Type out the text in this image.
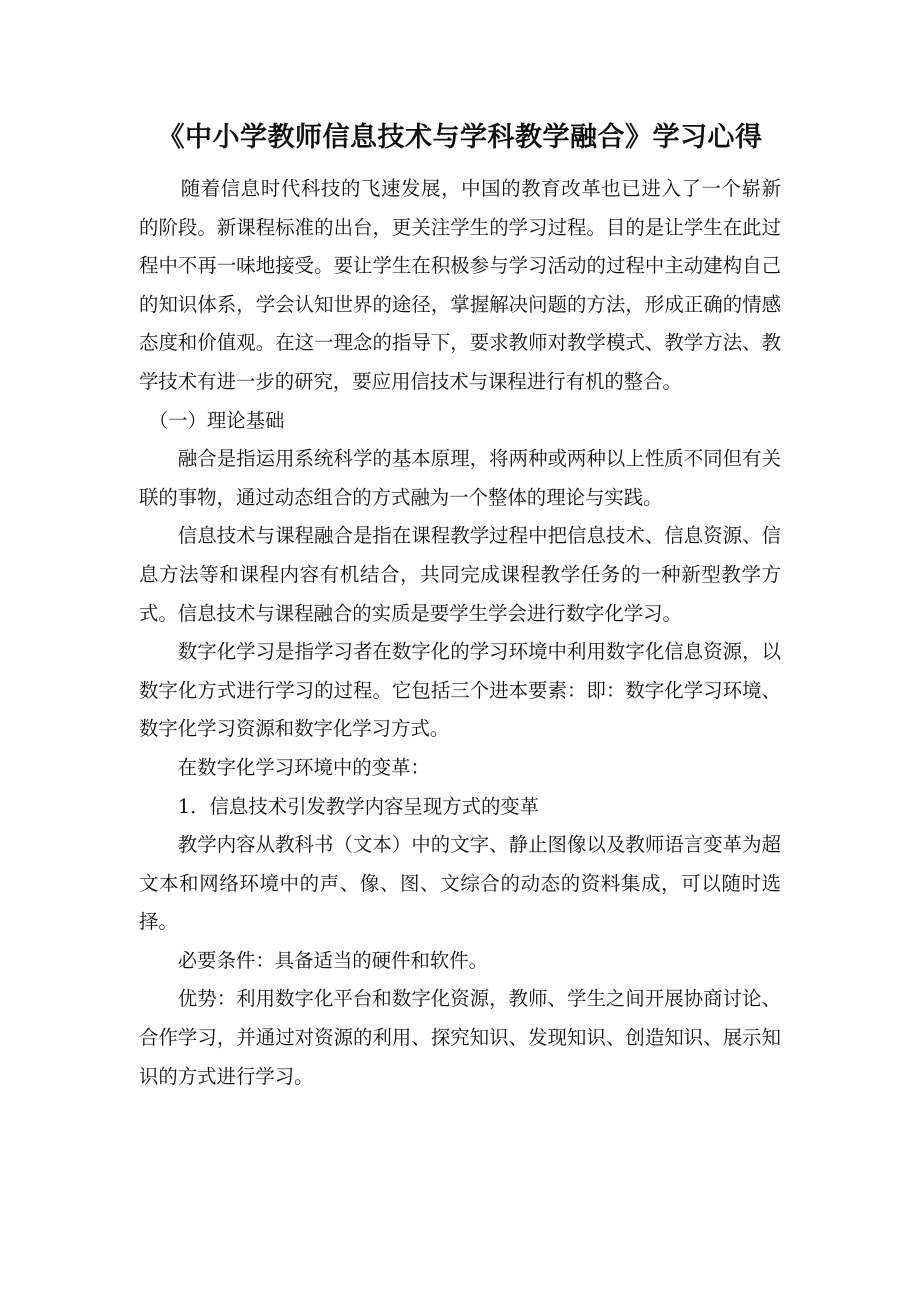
《中小学教师信息技术与学科教学融合》学习心得

随着信息时代科技的飞速发展，中国的教育改革也已进入了一个崭新的阶段。新课程标准的出台，更关注学生的学习过程。目的是让学生在此过程中不再一味地接受。要让学生在积极参与学习活动的过程中主动建构自己的知识体系，学会认知世界的途径，掌握解决问题的方法，形成正确的情感态度和价值观。在这一理念的指导下，要求教师对教学模式、教学方法、教学技术有进一步的研究，要应用信技术与课程进行有机的整合。

（一）理论基础

融合是指运用系统科学的基本原理，将两种或两种以上性质不同但有关联的事物，通过动态组合的方式融为一个整体的理论与实践。

信息技术与课程融合是指在课程教学过程中把信息技术、信息资源、信息方法等和课程内容有机结合，共同完成课程教学任务的一种新型教学方式。信息技术与课程融合的实质是要学生学会进行数字化学习。

数字化学习是指学习者在数字化的学习环境中利用数字化信息资源，以数字化方式进行学习的过程。它包括三个进本要素：即：数字化学习环境、数字化学习资源和数字化学习方式。

在数字化学习环境中的变革：

1．信息技术引发教学内容呈现方式的变革

教学内容从教科书（文本）中的文字、静止图像以及教师语言变革为超文本和网络环境中的声、像、图、文综合的动态的资料集成，可以随时选择。

必要条件：具备适当的硬件和软件。

优势：利用数字化平台和数字化资源，教师、学生之间开展协商讨论、合作学习，并通过对资源的利用、探究知识、发现知识、创造知识、展示知识的方式进行学习。
